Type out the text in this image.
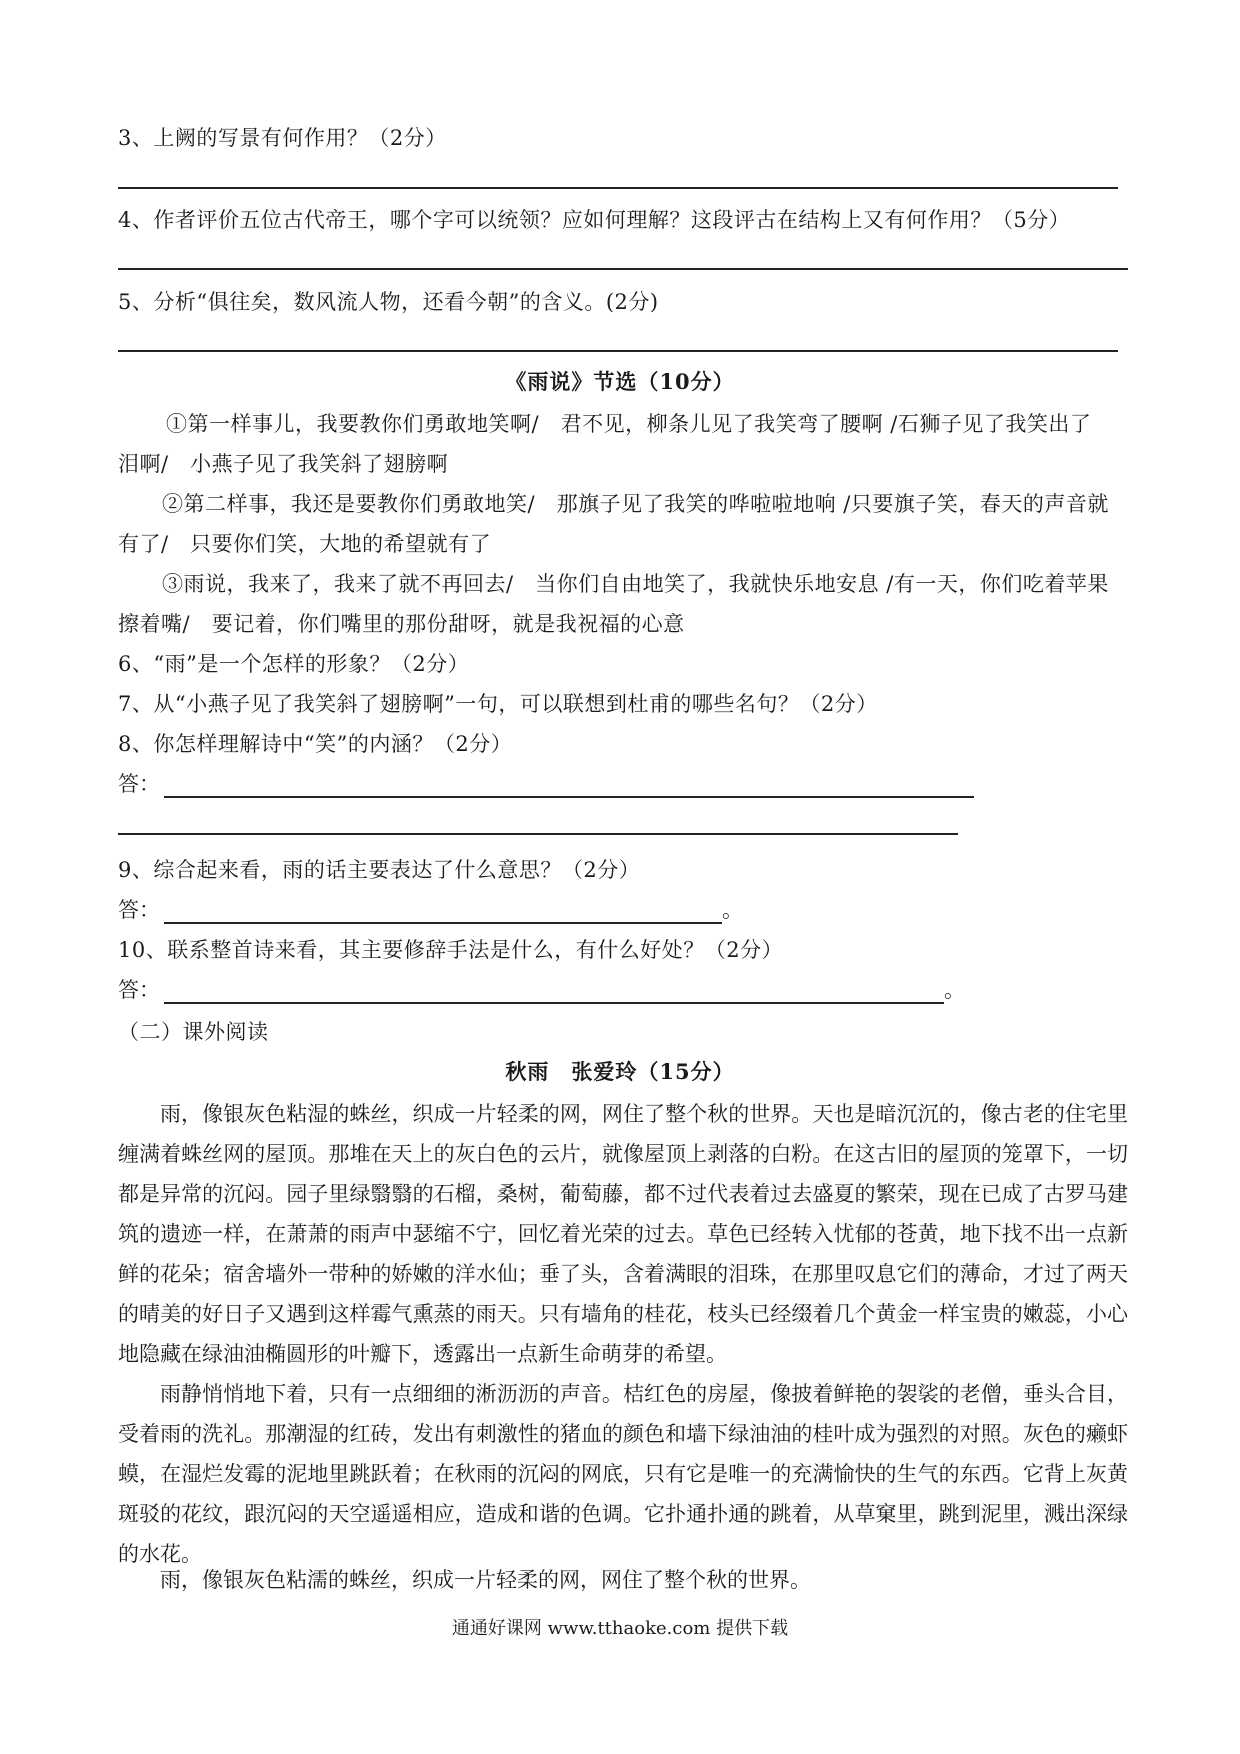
3、上阙的写景有何作用？（2分）
4、作者评价五位古代帝王，哪个字可以统领？应如何理解？这段评古在结构上又有何作用？（5分）
5、分析“俱往矣，数风流人物，还看今朝”的含义。(2分)
《雨说》节选（10分）
①第一样事儿，我要教你们勇敢地笑啊/　君不见，柳条儿见了我笑弯了腰啊 /石狮子见了我笑出了
泪啊/　小燕子见了我笑斜了翅膀啊
②第二样事，我还是要教你们勇敢地笑/　那旗子见了我笑的哗啦啦地响 /只要旗子笑，春天的声音就
有了/　只要你们笑，大地的希望就有了
③雨说，我来了，我来了就不再回去/　当你们自由地笑了，我就快乐地安息 /有一天，你们吃着苹果
擦着嘴/　要记着，你们嘴里的那份甜呀，就是我祝福的心意
6、“雨”是一个怎样的形象？（2分）
7、从“小燕子见了我笑斜了翅膀啊”一句，可以联想到杜甫的哪些名句？（2分）
8、你怎样理解诗中“笑”的内涵？（2分）
答：
9、综合起来看，雨的话主要表达了什么意思？（2分）
答：	。
10、联系整首诗来看，其主要修辞手法是什么，有什么好处？（2分）
答：	。
（二）课外阅读
秋雨　张爱玲（15分）
雨，像银灰色粘湿的蛛丝，织成一片轻柔的网，网住了整个秋的世界。天也是暗沉沉的，像古老的住宅里缠满着蛛丝网的屋顶。那堆在天上的灰白色的云片，就像屋顶上剥落的白粉。在这古旧的屋顶的笼罩下，一切都是异常的沉闷。园子里绿翳翳的石榴，桑树，葡萄藤，都不过代表着过去盛夏的繁荣，现在已成了古罗马建筑的遗迹一样，在萧萧的雨声中瑟缩不宁，回忆着光荣的过去。草色已经转入忧郁的苍黄，地下找不出一点新鲜的花朵；宿舍墙外一带种的娇嫩的洋水仙；垂了头，含着满眼的泪珠，在那里叹息它们的薄命，才过了两天的晴美的好日子又遇到这样霉气熏蒸的雨天。只有墙角的桂花，枝头已经缀着几个黄金一样宝贵的嫩蕊，小心地隐藏在绿油油椭圆形的叶瓣下，透露出一点新生命萌芽的希望。
雨静悄悄地下着，只有一点细细的淅沥沥的声音。桔红色的房屋，像披着鲜艳的袈裟的老僧，垂头合目，受着雨的洗礼。那潮湿的红砖，发出有刺激性的猪血的颜色和墙下绿油油的桂叶成为强烈的对照。灰色的癞虾蟆，在湿烂发霉的泥地里跳跃着；在秋雨的沉闷的网底，只有它是唯一的充满愉快的生气的东西。它背上灰黄斑驳的花纹，跟沉闷的天空遥遥相应，造成和谐的色调。它扑通扑通的跳着，从草窠里，跳到泥里，溅出深绿的水花。
雨，像银灰色粘濡的蛛丝，织成一片轻柔的网，网住了整个秋的世界。
通通好课网 www.tthaoke.com 提供下载
